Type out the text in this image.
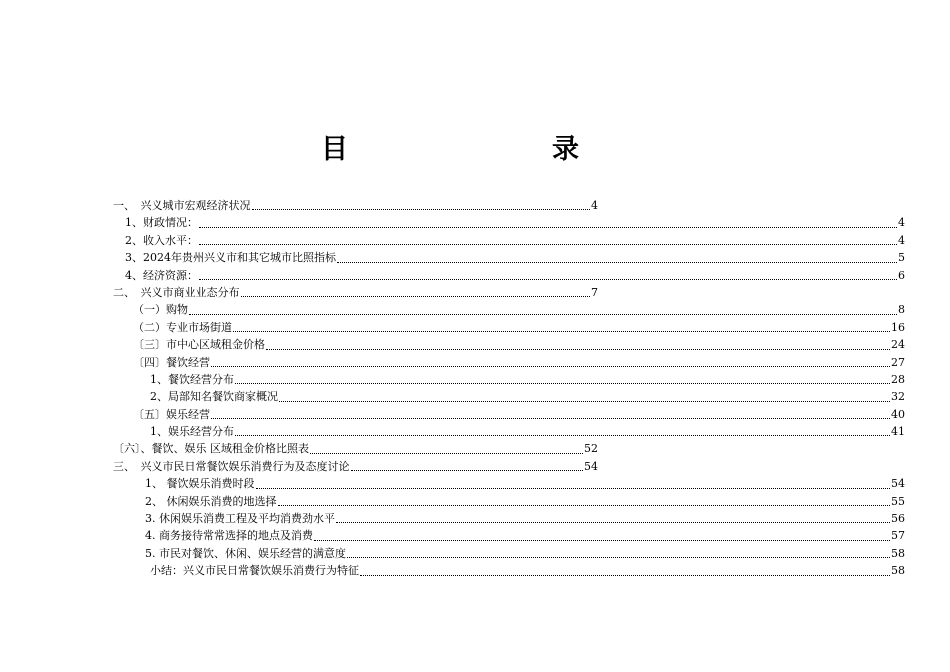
目　　录
一、　兴义城市宏观经济状况	4
1、财政情况：	4
2、收入水平：	4
3、2024年贵州兴义市和其它城市比照指标	5
4、经济资源：	6
二、　兴义市商业业态分布	7
（一）购物	8
（二）专业市场街道	16
〔三〕市中心区域租金价格	24
〔四〕餐饮经营	27
1、餐饮经营分布	28
2、局部知名餐饮商家概况	32
〔五〕娱乐经营	40
1、娱乐经营分布	41
〔六〕、餐饮、娱乐 区域租金价格比照表	52
三、　兴义市民日常餐饮娱乐消费行为及态度讨论	54
1、 餐饮娱乐消费时段	54
2、 休闲娱乐消费的地选择	55
3. 休闲娱乐消费工程及平均消费劲水平	56
4. 商务接待常常选择的地点及消费	57
5. 市民对餐饮、休闲、娱乐经营的满意度	58
小结：兴义市民日常餐饮娱乐消费行为特征	58
